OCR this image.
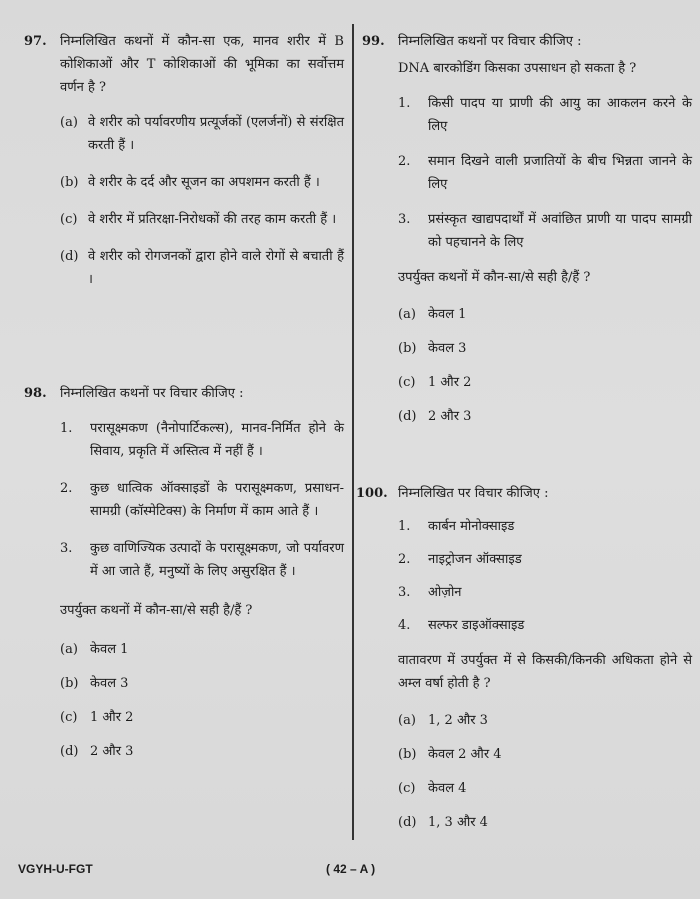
97. निम्नलिखित कथनों में कौन-सा एक, मानव शरीर में B कोशिकाओं और T कोशिकाओं की भूमिका का सर्वोत्तम वर्णन है ?
(a) वे शरीर को पर्यावरणीय प्रत्यूर्जकों (एलर्जनों) से संरक्षित करती हैं ।
(b) वे शरीर के दर्द और सूजन का अपशमन करती हैं ।
(c) वे शरीर में प्रतिरक्षा-निरोधकों की तरह काम करती हैं ।
(d) वे शरीर को रोगजनकों द्वारा होने वाले रोगों से बचाती हैं ।
98. निम्नलिखित कथनों पर विचार कीजिए :
1. परासूक्ष्मकण (नैनोपार्टिकल्स), मानव-निर्मित होने के सिवाय, प्रकृति में अस्तित्व में नहीं हैं ।
2. कुछ धात्विक ऑक्साइडों के परासूक्ष्मकण, प्रसाधन-सामग्री (कॉस्मेटिक्स) के निर्माण में काम आते हैं ।
3. कुछ वाणिज्यिक उत्पादों के परासूक्ष्मकण, जो पर्यावरण में आ जाते हैं, मनुष्यों के लिए असुरक्षित हैं ।
उपर्युक्त कथनों में कौन-सा/से सही है/हैं ?
(a) केवल 1
(b) केवल 3
(c) 1 और 2
(d) 2 और 3
99. निम्नलिखित कथनों पर विचार कीजिए :
DNA बारकोडिंग किसका उपसाधन हो सकता है ?
1. किसी पादप या प्राणी की आयु का आकलन करने के लिए
2. समान दिखने वाली प्रजातियों के बीच भिन्नता जानने के लिए
3. प्रसंस्कृत खाद्यपदार्थों में अवांछित प्राणी या पादप सामग्री को पहचानने के लिए
उपर्युक्त कथनों में कौन-सा/से सही है/हैं ?
(a) केवल 1
(b) केवल 3
(c) 1 और 2
(d) 2 और 3
100. निम्नलिखित पर विचार कीजिए :
1. कार्बन मोनोक्साइड
2. नाइट्रोजन ऑक्साइड
3. ओज़ोन
4. सल्फर डाइऑक्साइड
वातावरण में उपर्युक्त में से किसकी/किनकी अधिकता होने से अम्ल वर्षा होती है ?
(a) 1, 2 और 3
(b) केवल 2 और 4
(c) केवल 4
(d) 1, 3 और 4
VGYH-U-FGT	( 42 – A )
